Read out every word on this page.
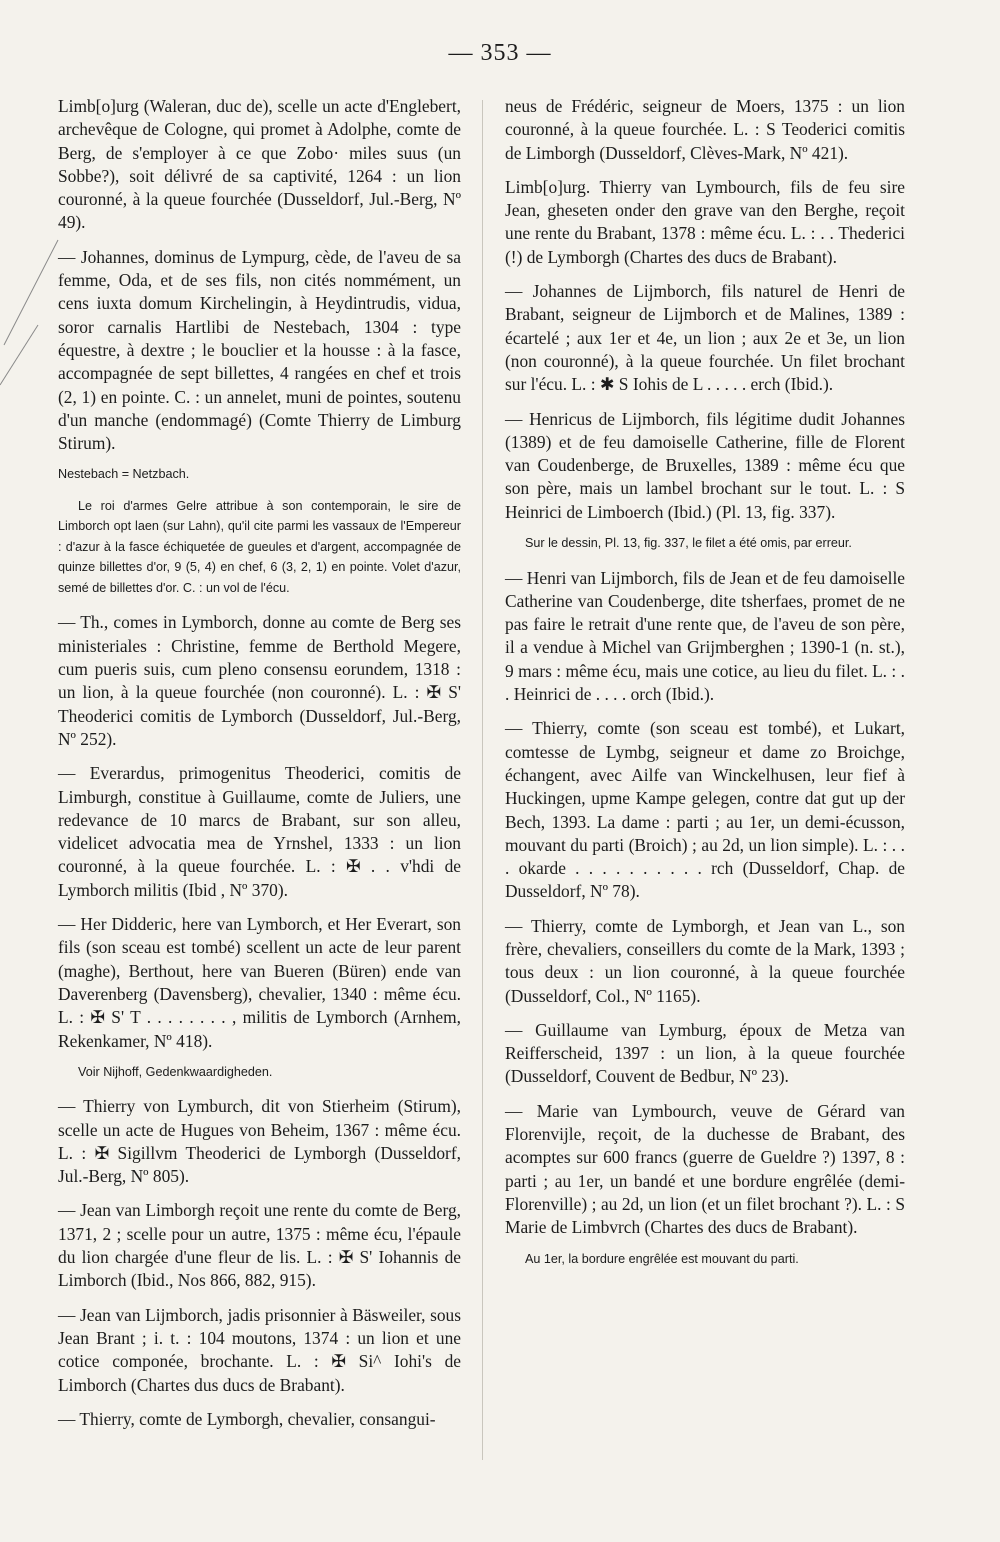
— 353 —

Limb[o]urg (Waleran, duc de), scelle un acte d'Englebert, archevêque de Cologne, qui promet à Adolphe, comte de Berg, de s'employer à ce que Zobo· miles suus (un Sobbe?), soit délivré de sa captivité, 1264 : un lion couronné, à la queue fourchée (Dusseldorf, Jul.-Berg, Nº 49).

— Johannes, dominus de Lympurg, cède, de l'aveu de sa femme, Oda, et de ses fils, non cités nommément, un cens iuxta domum Kirchelingin, à Heydintrudis, vidua, soror carnalis Hartlibi de Nestebach, 1304 : type équestre, à dextre ; le bouclier et la housse : à la fasce, accompagnée de sept billettes, 4 rangées en chef et trois (2, 1) en pointe. C. : un annelet, muni de pointes, soutenu d'un manche (endommagé) (Comte Thierry de Limburg Stirum).

Nestebach = Netzbach.

Le roi d'armes Gelre attribue à son contemporain, le sire de Limborch opt laen (sur Lahn), qu'il cite parmi les vassaux de l'Empereur : d'azur à la fasce échiquetée de gueules et d'argent, accompagnée de quinze billettes d'or, 9 (5, 4) en chef, 6 (3, 2, 1) en pointe. Volet d'azur, semé de billettes d'or. C. : un vol de l'écu.

— Th., comes in Lymborch, donne au comte de Berg ses ministeriales : Christine, femme de Berthold Megere, cum pueris suis, cum pleno consensu eorundem, 1318 : un lion, à la queue fourchée (non couronné). L. : ✠ S' Theoderici comitis de Lymborch (Dusseldorf, Jul.-Berg, Nº 252).

— Everardus, primogenitus Theoderici, comitis de Limburgh, constitue à Guillaume, comte de Juliers, une redevance de 10 marcs de Brabant, sur son alleu, videlicet advocatia mea de Yrnshel, 1333 : un lion couronné, à la queue fourchée. L. : ✠ . . v'hdi de Lymborch militis (Ibid , Nº 370).

— Her Didderic, here van Lymborch, et Her Everart, son fils (son sceau est tombé) scellent un acte de leur parent (maghe), Berthout, here van Bueren (Büren) ende van Daverenberg (Davensberg), chevalier, 1340 : même écu. L. : ✠ S' T . . . . . . . . , militis de Lymborch (Arnhem, Rekenkamer, Nº 418).

Voir Nijhoff, Gedenkwaardigheden.

— Thierry von Lymburch, dit von Stierheim (Stirum), scelle un acte de Hugues von Beheim, 1367 : même écu. L. : ✠ Sigillvm Theoderici de Lymborgh (Dusseldorf, Jul.-Berg, Nº 805).

— Jean van Limborgh reçoit une rente du comte de Berg, 1371, 2 ; scelle pour un autre, 1375 : même écu, l'épaule du lion chargée d'une fleur de lis. L. : ✠ S' Iohannis de Limborch (Ibid., Nos 866, 882, 915).

— Jean van Lijmborch, jadis prisonnier à Bäsweiler, sous Jean Brant ; i. t. : 104 moutons, 1374 : un lion et une cotice componée, brochante. L. : ✠ Si^ Iohi's de Limborch (Chartes dus ducs de Brabant).

— Thierry, comte de Lymborgh, chevalier, consangui-

neus de Frédéric, seigneur de Moers, 1375 : un lion couronné, à la queue fourchée. L. : S Teoderici comitis de Limborgh (Dusseldorf, Clèves-Mark, Nº 421).

Limb[o]urg. Thierry van Lymbourch, fils de feu sire Jean, gheseten onder den grave van den Berghe, reçoit une rente du Brabant, 1378 : même écu. L. : . . Thederici (!) de Lymborgh (Chartes des ducs de Brabant).

— Johannes de Lijmborch, fils naturel de Henri de Brabant, seigneur de Lijmborch et de Malines, 1389 : écartelé ; aux 1er et 4e, un lion ; aux 2e et 3e, un lion (non couronné), à la queue fourchée. Un filet brochant sur l'écu. L. : ✱ S Iohis de L . . . . . erch (Ibid.).

— Henricus de Lijmborch, fils légitime dudit Johannes (1389) et de feu damoiselle Catherine, fille de Florent van Coudenberge, de Bruxelles, 1389 : même écu que son père, mais un lambel brochant sur le tout. L. : S Heinrici de Limboerch (Ibid.) (Pl. 13, fig. 337).

Sur le dessin, Pl. 13, fig. 337, le filet a été omis, par erreur.

— Henri van Lijmborch, fils de Jean et de feu damoiselle Catherine van Coudenberge, dite tsherfaes, promet de ne pas faire le retrait d'une rente que, de l'aveu de son père, il a vendue à Michel van Grijmberghen ; 1390-1 (n. st.), 9 mars : même écu, mais une cotice, au lieu du filet. L. : . . Heinrici de . . . . orch (Ibid.).

— Thierry, comte (son sceau est tombé), et Lukart, comtesse de Lymbg, seigneur et dame zo Broichge, échangent, avec Ailfe van Winckelhusen, leur fief à Huckingen, upme Kampe gelegen, contre dat gut up der Bech, 1393. La dame : parti ; au 1er, un demi-écusson, mouvant du parti (Broich) ; au 2d, un lion simple). L. : . . . okarde . . . . . . . . . . rch (Dusseldorf, Chap. de Dusseldorf, Nº 78).

— Thierry, comte de Lymborgh, et Jean van L., son frère, chevaliers, conseillers du comte de la Mark, 1393 ; tous deux : un lion couronné, à la queue fourchée (Dusseldorf, Col., Nº 1165).

— Guillaume van Lymburg, époux de Metza van Reifferscheid, 1397 : un lion, à la queue fourchée (Dusseldorf, Couvent de Bedbur, Nº 23).

— Marie van Lymbourch, veuve de Gérard van Florenvijle, reçoit, de la duchesse de Brabant, des acomptes sur 600 francs (guerre de Gueldre ?) 1397, 8 : parti ; au 1er, un bandé et une bordure engrêlée (demi-Florenville) ; au 2d, un lion (et un filet brochant ?). L. : S Marie de Limbvrch (Chartes des ducs de Brabant).

Au 1er, la bordure engrêlée est mouvant du parti.
